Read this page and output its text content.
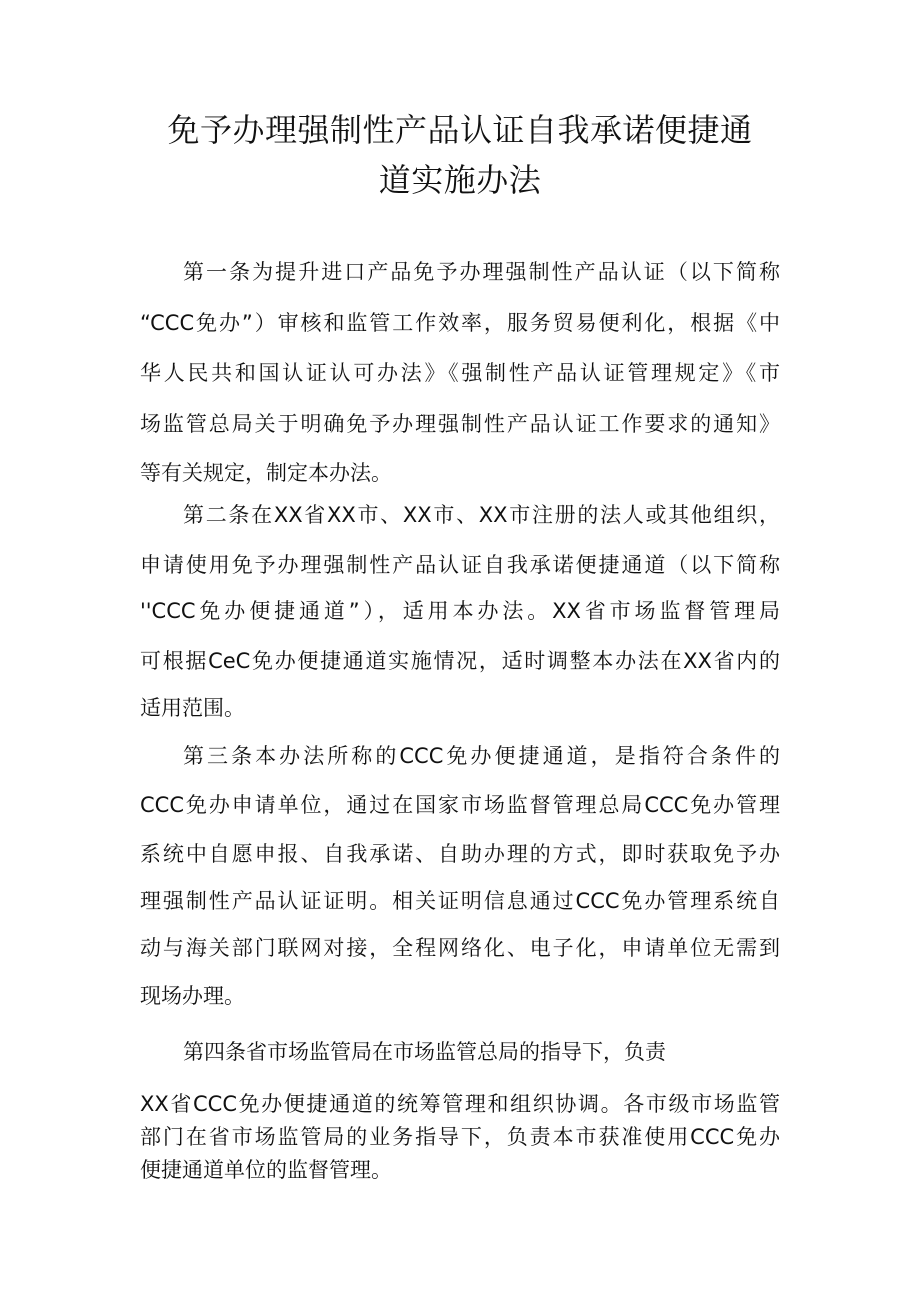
免予办理强制性产品认证自我承诺便捷通
道实施办法
第一条为提升进口产品免予办理强制性产品认证（以下简称
“CCC免办”）审核和监管工作效率，服务贸易便利化，根据《中
华人民共和国认证认可办法》《强制性产品认证管理规定》《市
场监管总局关于明确免予办理强制性产品认证工作要求的通知》
等有关规定，制定本办法。
第二条在XX省XX市、XX市、XX市注册的法人或其他组织，
申请使用免予办理强制性产品认证自我承诺便捷通道（以下简称
''CCC免办便捷通道”），适用本办法。XX省市场监督管理局
可根据CeC免办便捷通道实施情况，适时调整本办法在XX省内的
适用范围。
第三条本办法所称的CCC免办便捷通道，是指符合条件的
CCC免办申请单位，通过在国家市场监督管理总局CCC免办管理
系统中自愿申报、自我承诺、自助办理的方式，即时获取免予办
理强制性产品认证证明。相关证明信息通过CCC免办管理系统自
动与海关部门联网对接，全程网络化、电子化，申请单位无需到
现场办理。
第四条省市场监管局在市场监管总局的指导下，负责
XX省CCC免办便捷通道的统筹管理和组织协调。各市级市场监管
部门在省市场监管局的业务指导下，负责本市获准使用CCC免办
便捷通道单位的监督管理。
